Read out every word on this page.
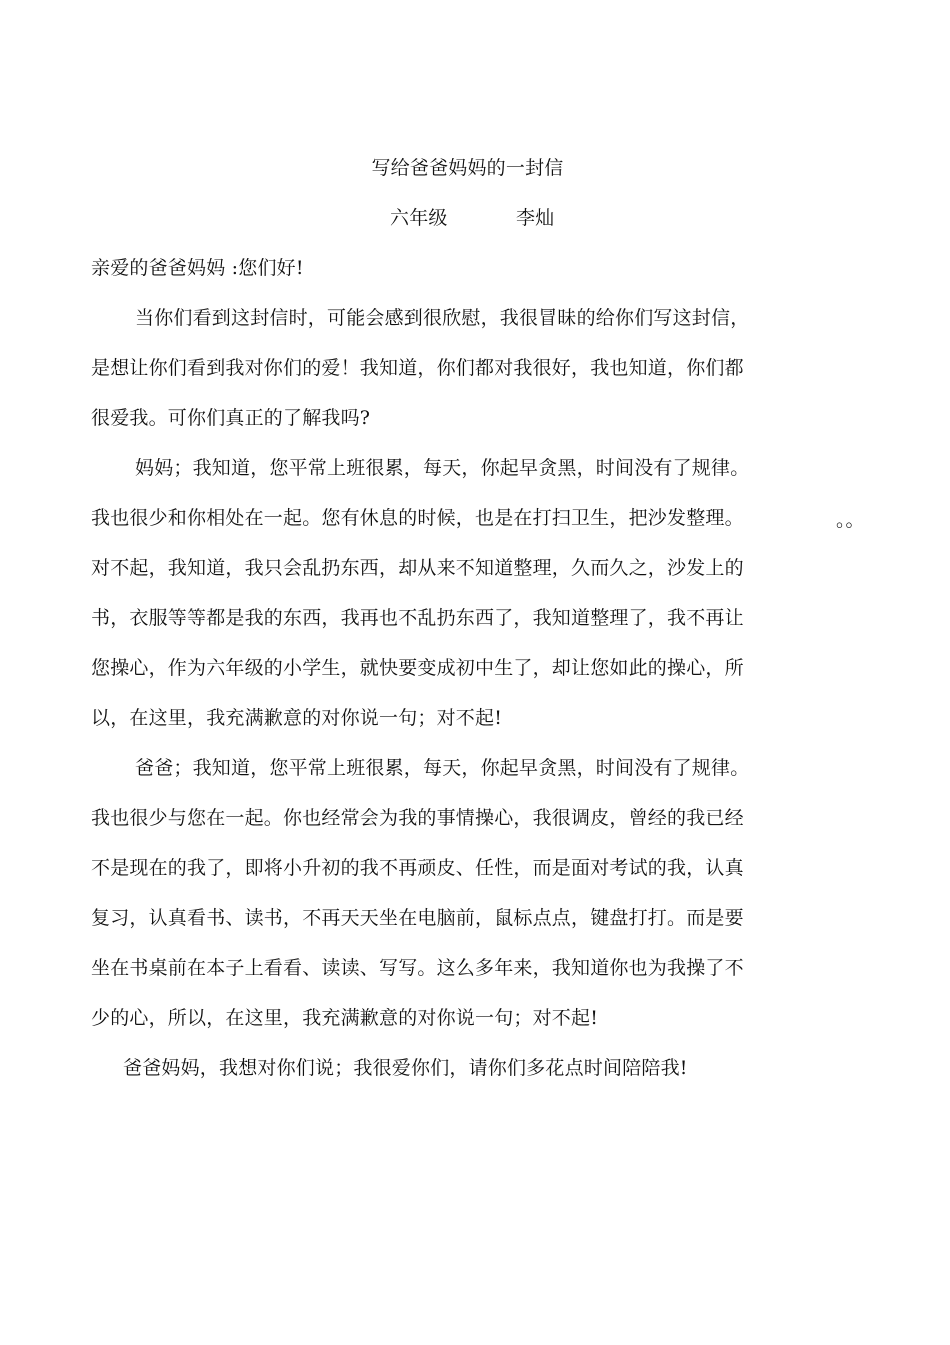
写给爸爸妈妈的一封信
六年级	李灿
亲爱的爸爸妈妈 :您们好!
当你们看到这封信时，可能会感到很欣慰，我很冒昧的给你们写这封信，
是想让你们看到我对你们的爱！我知道，你们都对我很好，我也知道，你们都
很爱我。可你们真正的了解我吗?
妈妈；我知道，您平常上班很累，每天，你起早贪黑，时间没有了规律。
我也很少和你相处在一起。您有休息的时候，也是在打扫卫生，把沙发整理。	。。
对不起，我知道，我只会乱扔东西，却从来不知道整理，久而久之，沙发上的
书，衣服等等都是我的东西，我再也不乱扔东西了，我知道整理了，我不再让
您操心，作为六年级的小学生，就快要变成初中生了，却让您如此的操心，所
以，在这里，我充满歉意的对你说一句；对不起!
爸爸；我知道，您平常上班很累，每天，你起早贪黑，时间没有了规律。
我也很少与您在一起。你也经常会为我的事情操心，我很调皮，曾经的我已经
不是现在的我了，即将小升初的我不再顽皮、任性，而是面对考试的我，认真
复习，认真看书、读书，不再天天坐在电脑前，鼠标点点，键盘打打。而是要
坐在书桌前在本子上看看、读读、写写。这么多年来，我知道你也为我操了不
少的心，所以，在这里，我充满歉意的对你说一句；对不起!
爸爸妈妈，我想对你们说；我很爱你们，请你们多花点时间陪陪我!
